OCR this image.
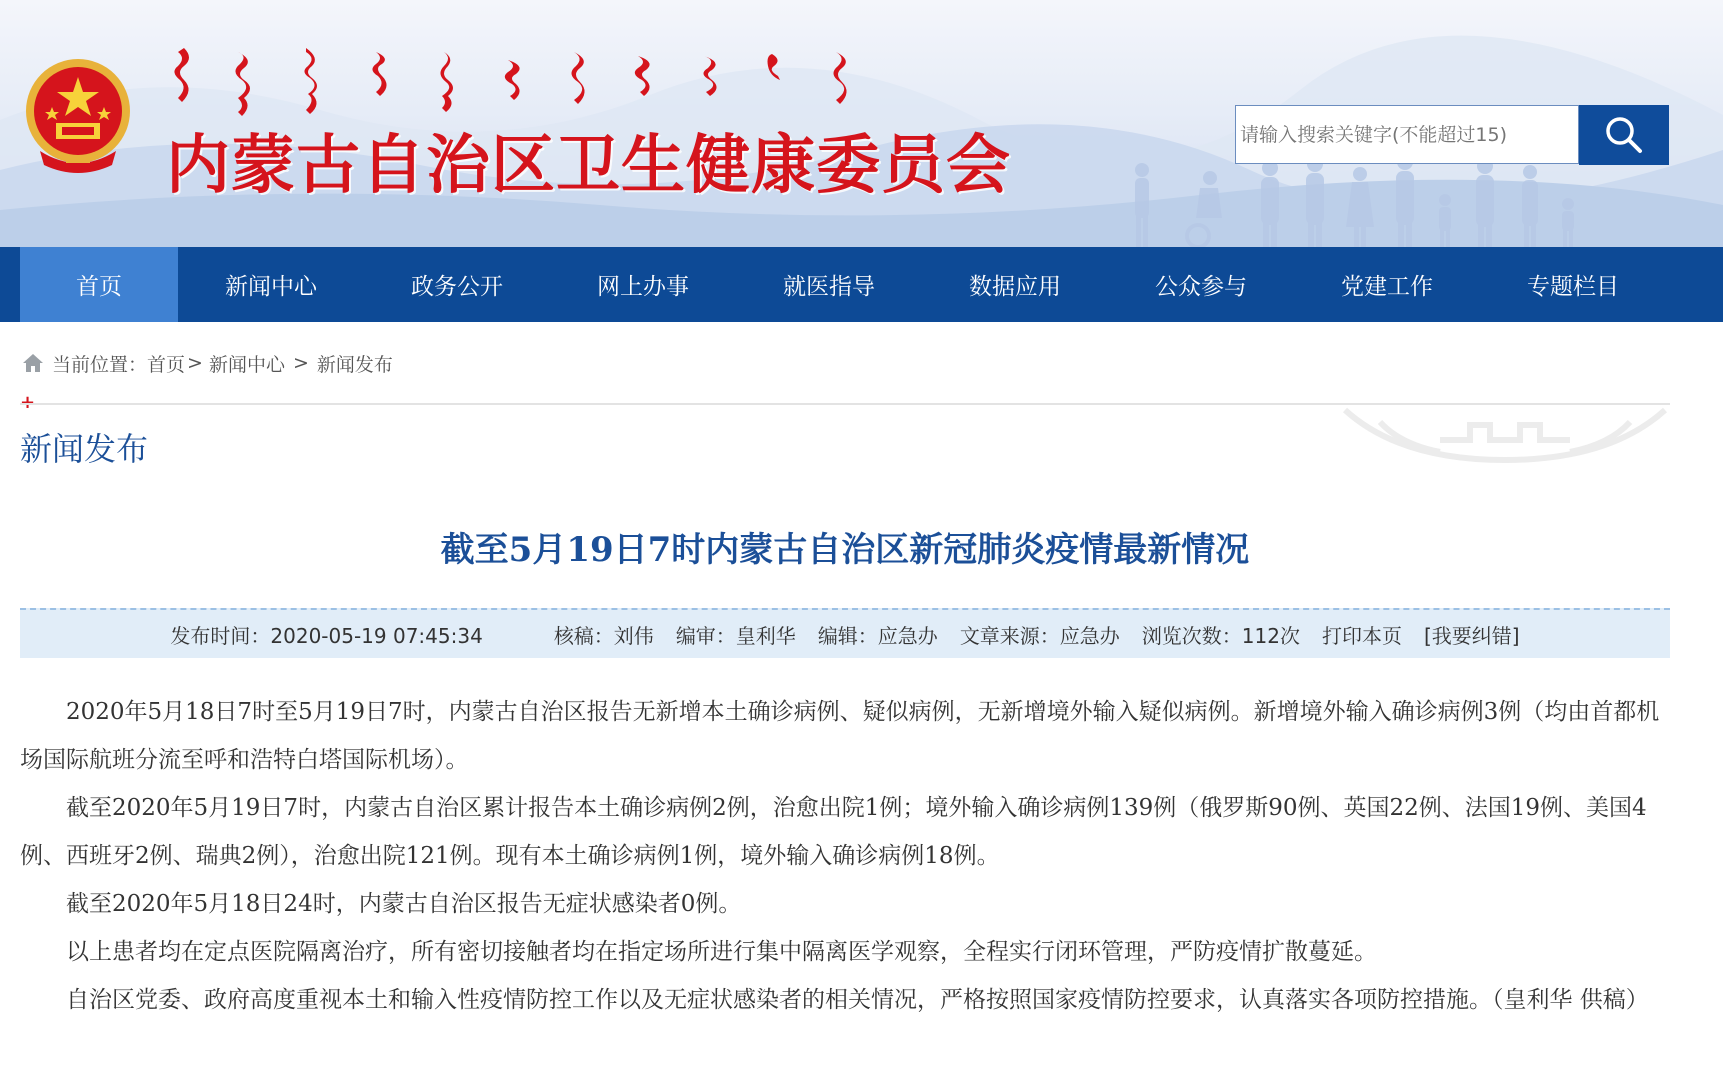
内蒙古自治区卫生健康委员会
请输入搜索关键字(不能超过15)
首页	新闻中心	政务公开	网上办事	就医指导	数据应用	公众参与	党建工作	专题栏目
当前位置： 首页 > 新闻中心 > 新闻发布
新闻发布
截至5月19日7时内蒙古自治区新冠肺炎疫情最新情况
发布时间：2020-05-19 07:45:34	核稿：刘伟 编审：皇利华 编辑：应急办 文章来源：应急办 浏览次数：112次 打印本页 [我要纠错]

2020年5月18日7时至5月19日7时，内蒙古自治区报告无新增本土确诊病例、疑似病例，无新增境外输入疑似病例。新增境外输入确诊病例3例（均由首都机场国际航班分流至呼和浩特白塔国际机场）。

截至2020年5月19日7时，内蒙古自治区累计报告本土确诊病例2例，治愈出院1例；境外输入确诊病例139例（俄罗斯90例、英国22例、法国19例、美国4例、西班牙2例、瑞典2例），治愈出院121例。现有本土确诊病例1例，境外输入确诊病例18例。

截至2020年5月18日24时，内蒙古自治区报告无症状感染者0例。

以上患者均在定点医院隔离治疗，所有密切接触者均在指定场所进行集中隔离医学观察，全程实行闭环管理，严防疫情扩散蔓延。

自治区党委、政府高度重视本土和输入性疫情防控工作以及无症状感染者的相关情况，严格按照国家疫情防控要求，认真落实各项防控措施。（皇利华 供稿）
